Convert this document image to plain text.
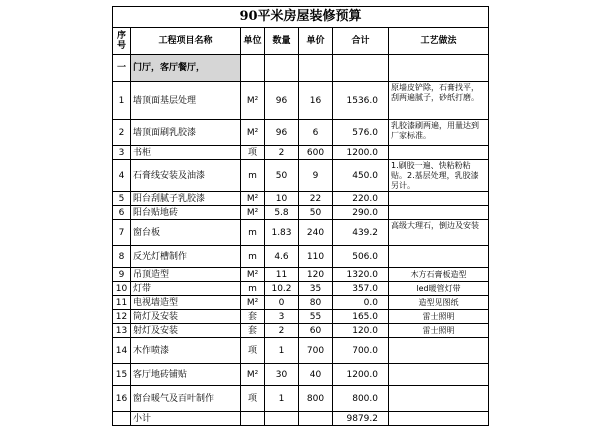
90平米房屋装修预算						
序号	工程项目名称	单位	数量	单价	合计	工艺做法
一	门厅，客厅餐厅，					
1	墙顶面基层处理	M²	96	16	1536.0	原墙皮铲除，石膏找平，刮两遍腻子，砂纸打磨。
2	墙顶面刷乳胶漆	M²	96	6	576.0	乳胶漆刷两遍，用量达到厂家标准。
3	书柜	项	2	600	1200.0	
4	石膏线安装及油漆	m	50	9	450.0	1.刷胶一遍、快粘粉粘贴。2.基层处理，乳胶漆另计。
5	阳台刮腻子乳胶漆	M²	10	22	220.0	
6	阳台贴地砖	M²	5.8	50	290.0	
7	窗台板	m	1.83	240	439.2	高级大理石，倒边及安装
8	反光灯槽制作	m	4.6	110	506.0	
9	吊顶造型	M²	11	120	1320.0	木方石膏板造型
10	灯带	m	10.2	35	357.0	led暖管灯带
11	电视墙造型	M²	0	80	0.0	造型见图纸
12	筒灯及安装	套	3	55	165.0	雷士照明
13	射灯及安装	套	2	60	120.0	雷士照明
14	木作喷漆	项	1	700	700.0	
15	客厅地砖铺贴	M²	30	40	1200.0	
16	窗台暖气及百叶制作	项	1	800	800.0	
	小计				9879.2	
